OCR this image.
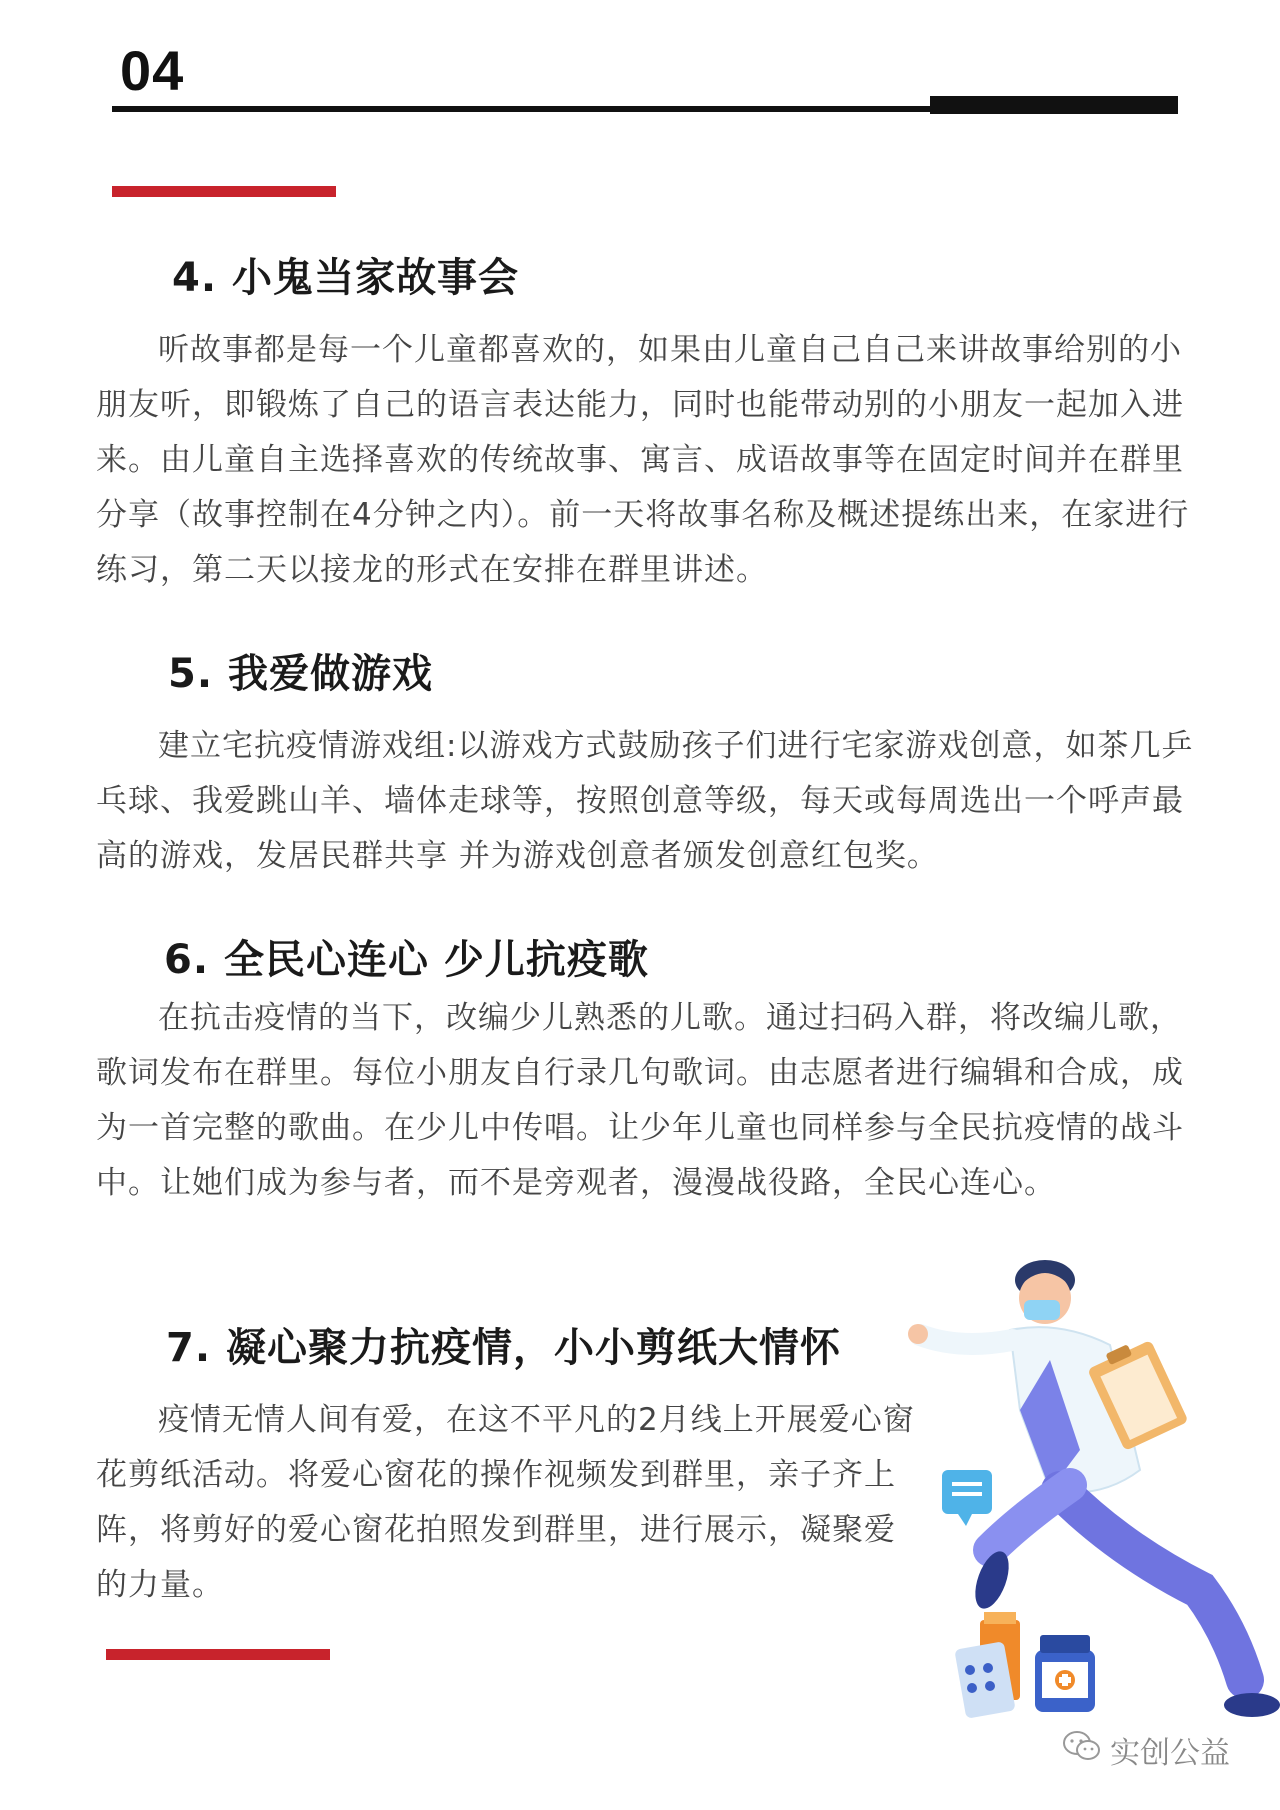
04
4. 小鬼当家故事会

听故事都是每一个儿童都喜欢的，如果由儿童自己自己来讲故事给别的小朋友听，即锻炼了自己的语言表达能力，同时也能带动别的小朋友一起加入进来。由儿童自主选择喜欢的传统故事、寓言、成语故事等在固定时间并在群里分享（故事控制在4分钟之内）。前一天将故事名称及概述提练出来，在家进行练习，第二天以接龙的形式在安排在群里讲述。

5. 我爱做游戏

建立宅抗疫情游戏组:以游戏方式鼓励孩子们进行宅家游戏创意，如茶几乒乓球、我爱跳山羊、墙体走球等，按照创意等级，每天或每周选出一个呼声最高的游戏，发居民群共享 并为游戏创意者颁发创意红包奖。

6. 全民心连心 少儿抗疫歌

在抗击疫情的当下，改编少儿熟悉的儿歌。通过扫码入群，将改编儿歌，歌词发布在群里。每位小朋友自行录几句歌词。由志愿者进行编辑和合成，成为一首完整的歌曲。在少儿中传唱。让少年儿童也同样参与全民抗疫情的战斗中。让她们成为参与者，而不是旁观者，漫漫战役路，全民心连心。

7. 凝心聚力抗疫情，小小剪纸大情怀

疫情无情人间有爱，在这不平凡的2月线上开展爱心窗花剪纸活动。将爱心窗花的操作视频发到群里，亲子齐上阵，将剪好的爱心窗花拍照发到群里，进行展示，凝聚爱的力量。

实创公益
